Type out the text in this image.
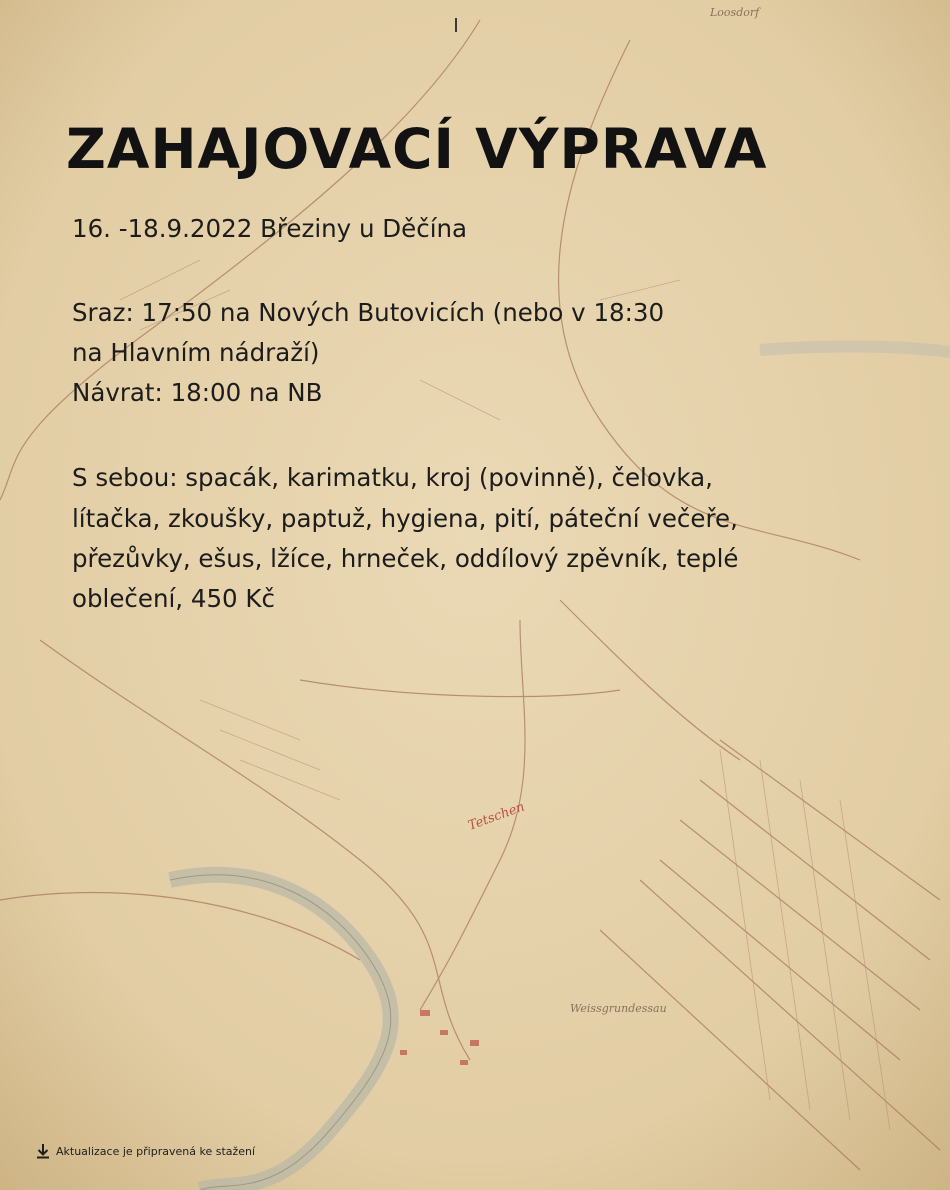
Tetschen
Loosdorf
Weissgrundessau
ZAHAJOVACÍ VÝPRAVA

16. -18.9.2022 Březiny u Děčína

Sraz: 17:50 na Nových Butovicích (nebo v 18:30

na Hlavním nádraží)

Návrat: 18:00 na NB

S sebou: spacák, karimatku, kroj (povinně), čelovka,

lítačka, zkoušky, paptuž, hygiena, pití, páteční večeře,

přezůvky, ešus, lžíce, hrneček, oddílový zpěvník, teplé

oblečení, 450 Kč

Aktualizace je připravená ke stažení
